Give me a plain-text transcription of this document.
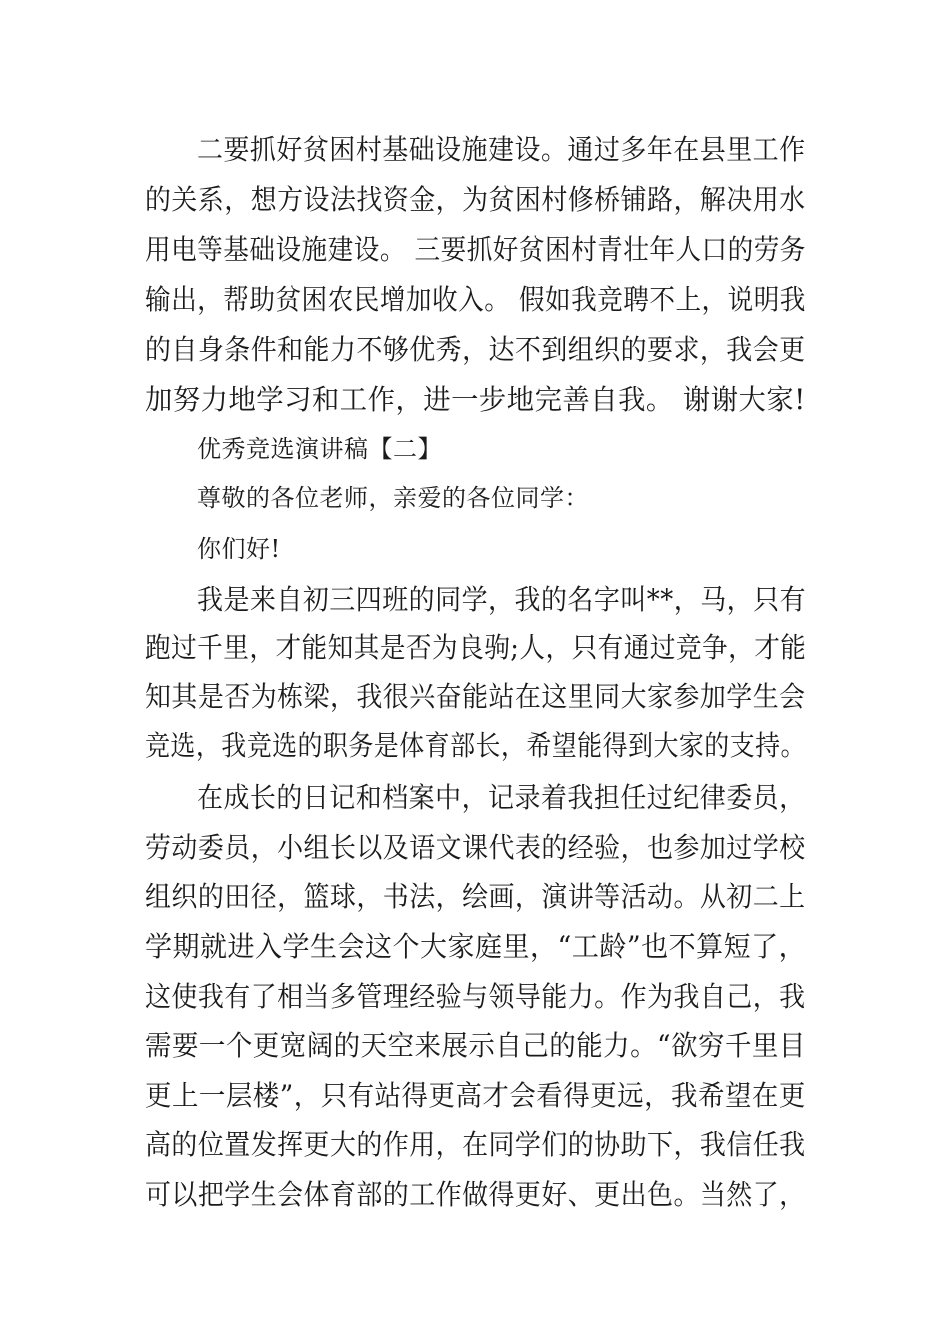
二要抓好贫困村基础设施建设。通过多年在县里工作
的关系，想方设法找资金，为贫困村修桥铺路，解决用水
用电等基础设施建设。 三要抓好贫困村青壮年人口的劳务
输出，帮助贫困农民增加收入。 假如我竞聘不上，说明我
的自身条件和能力不够优秀，达不到组织的要求，我会更
加努力地学习和工作，进一步地完善自我。 谢谢大家!
优秀竞选演讲稿【二】
尊敬的各位老师，亲爱的各位同学：
你们好!
我是来自初三四班的同学，我的名字叫**，马，只有
跑过千里，才能知其是否为良驹;人，只有通过竞争，才能
知其是否为栋梁，我很兴奋能站在这里同大家参加学生会
竞选，我竞选的职务是体育部长，希望能得到大家的支持。
在成长的日记和档案中，记录着我担任过纪律委员，
劳动委员，小组长以及语文课代表的经验，也参加过学校
组织的田径，篮球，书法，绘画，演讲等活动。从初二上
学期就进入学生会这个大家庭里，“工龄”也不算短了，
这使我有了相当多管理经验与领导能力。作为我自己，我
需要一个更宽阔的天空来展示自己的能力。“欲穷千里目
更上一层楼”，只有站得更高才会看得更远，我希望在更
高的位置发挥更大的作用，在同学们的协助下，我信任我
可以把学生会体育部的工作做得更好、更出色。当然了，
